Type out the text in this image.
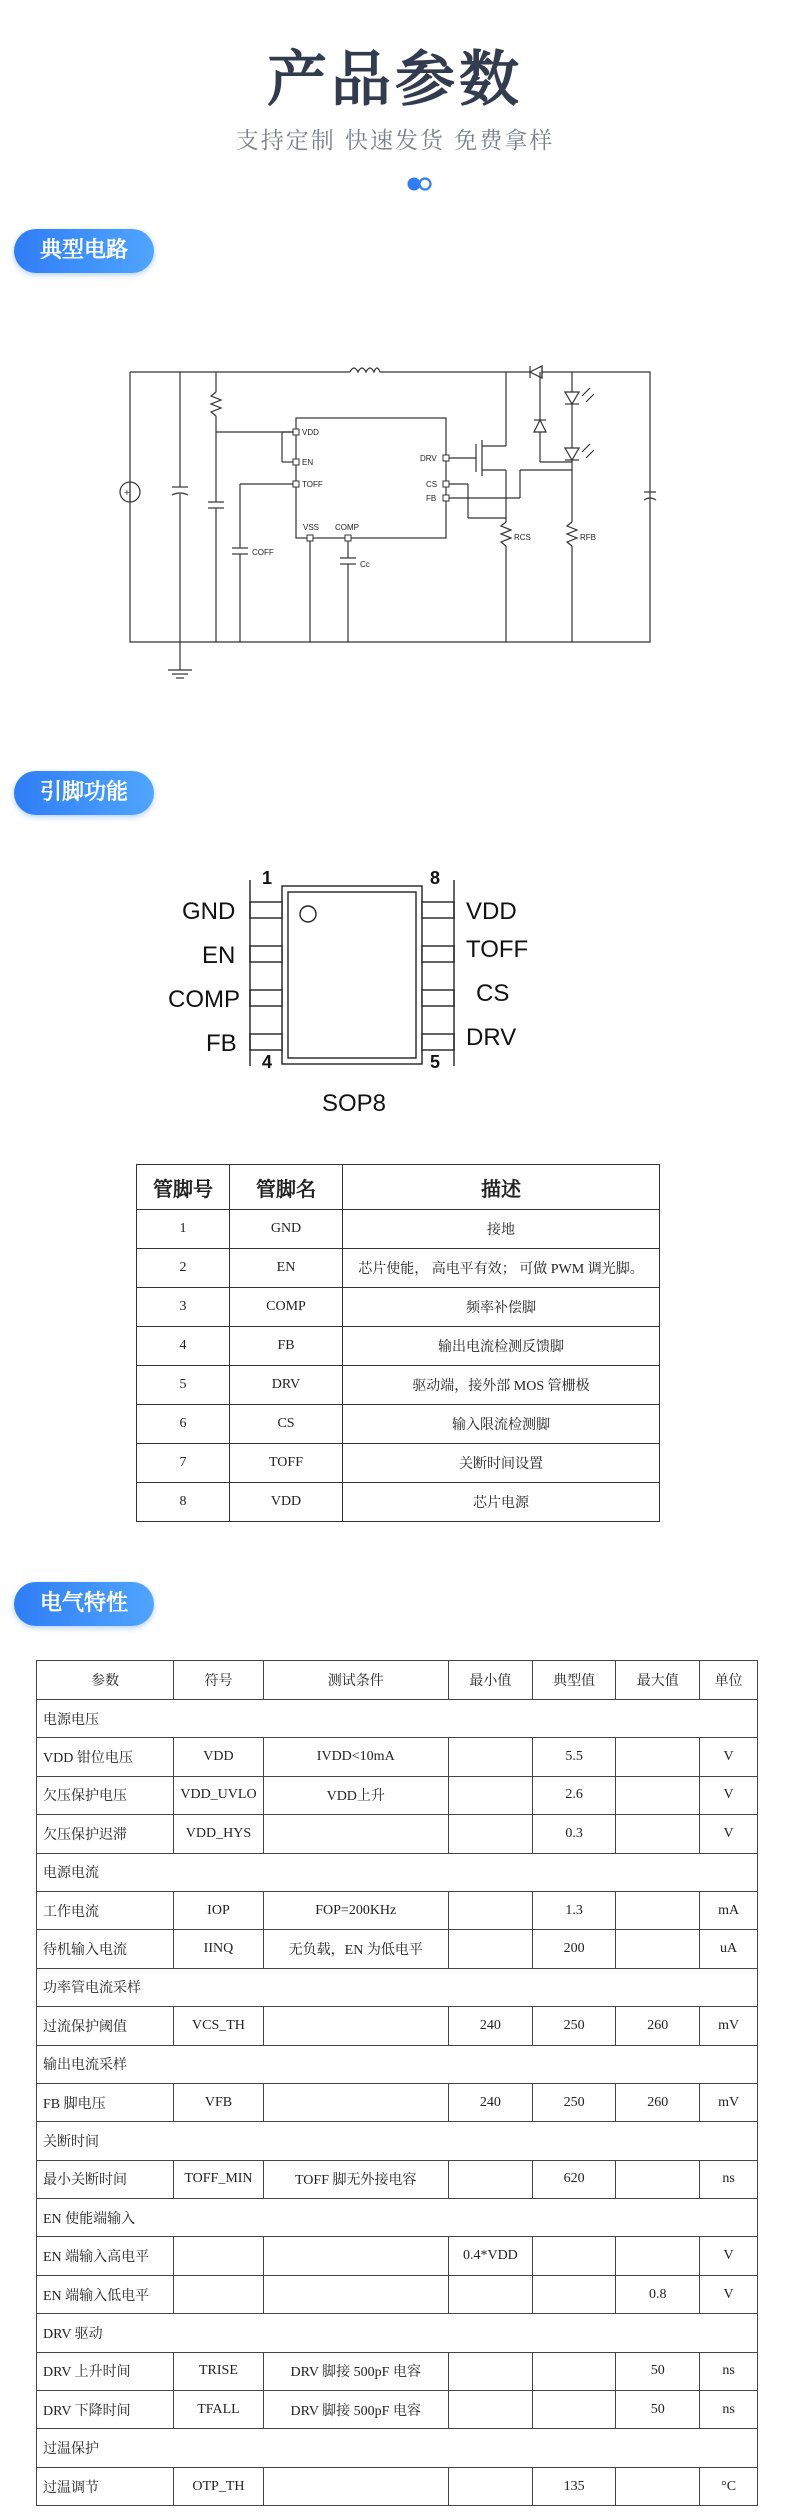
产品参数
支持定制 快速发货 免费拿样
典型电路
VDD
EN
TOFF
VSS COMP
DRV
CS
FB
COFF
Cc
RCS	RFB
+
引脚功能
GND
EN
COMP
FB
VDD
TOFF
CS
DRV
1	8
4	5
SOP8
管脚号	管脚名	描述
1	GND	接地
2	EN	芯片使能， 高电平有效； 可做 PWM 调光脚。
3	COMP	频率补偿脚
4	FB	输出电流检测反馈脚
5	DRV	驱动端，接外部 MOS 管栅极
6	CS	输入限流检测脚
7	TOFF	关断时间设置
8	VDD	芯片电源
电气特性
参数	符号	测试条件	最小值	典型值	最大值	单位
电源电压						
VDD 钳位电压	VDD	IVDD<10mA		5.5		V
欠压保护电压	VDD_UVLO	VDD上升		2.6		V
欠压保护迟滞	VDD_HYS			0.3		V
电源电流						
工作电流	IOP	FOP=200KHz		1.3		mA
待机输入电流	IINQ	无负载，EN 为低电平		200		uA
功率管电流采样						
过流保护阈值	VCS_TH		240	250	260	mV
输出电流采样						
FB 脚电压	VFB		240	250	260	mV
关断时间						
最小关断时间	TOFF_MIN	TOFF 脚无外接电容		620		ns
EN 使能端输入						
EN 端输入高电平			0.4*VDD			V
EN 端输入低电平					0.8	V
DRV 驱动						
DRV 上升时间	TRISE	DRV 脚接 500pF 电容			50	ns
DRV 下降时间	TFALL	DRV 脚接 500pF 电容			50	ns
过温保护						
过温调节	OTP_TH			135		°C
